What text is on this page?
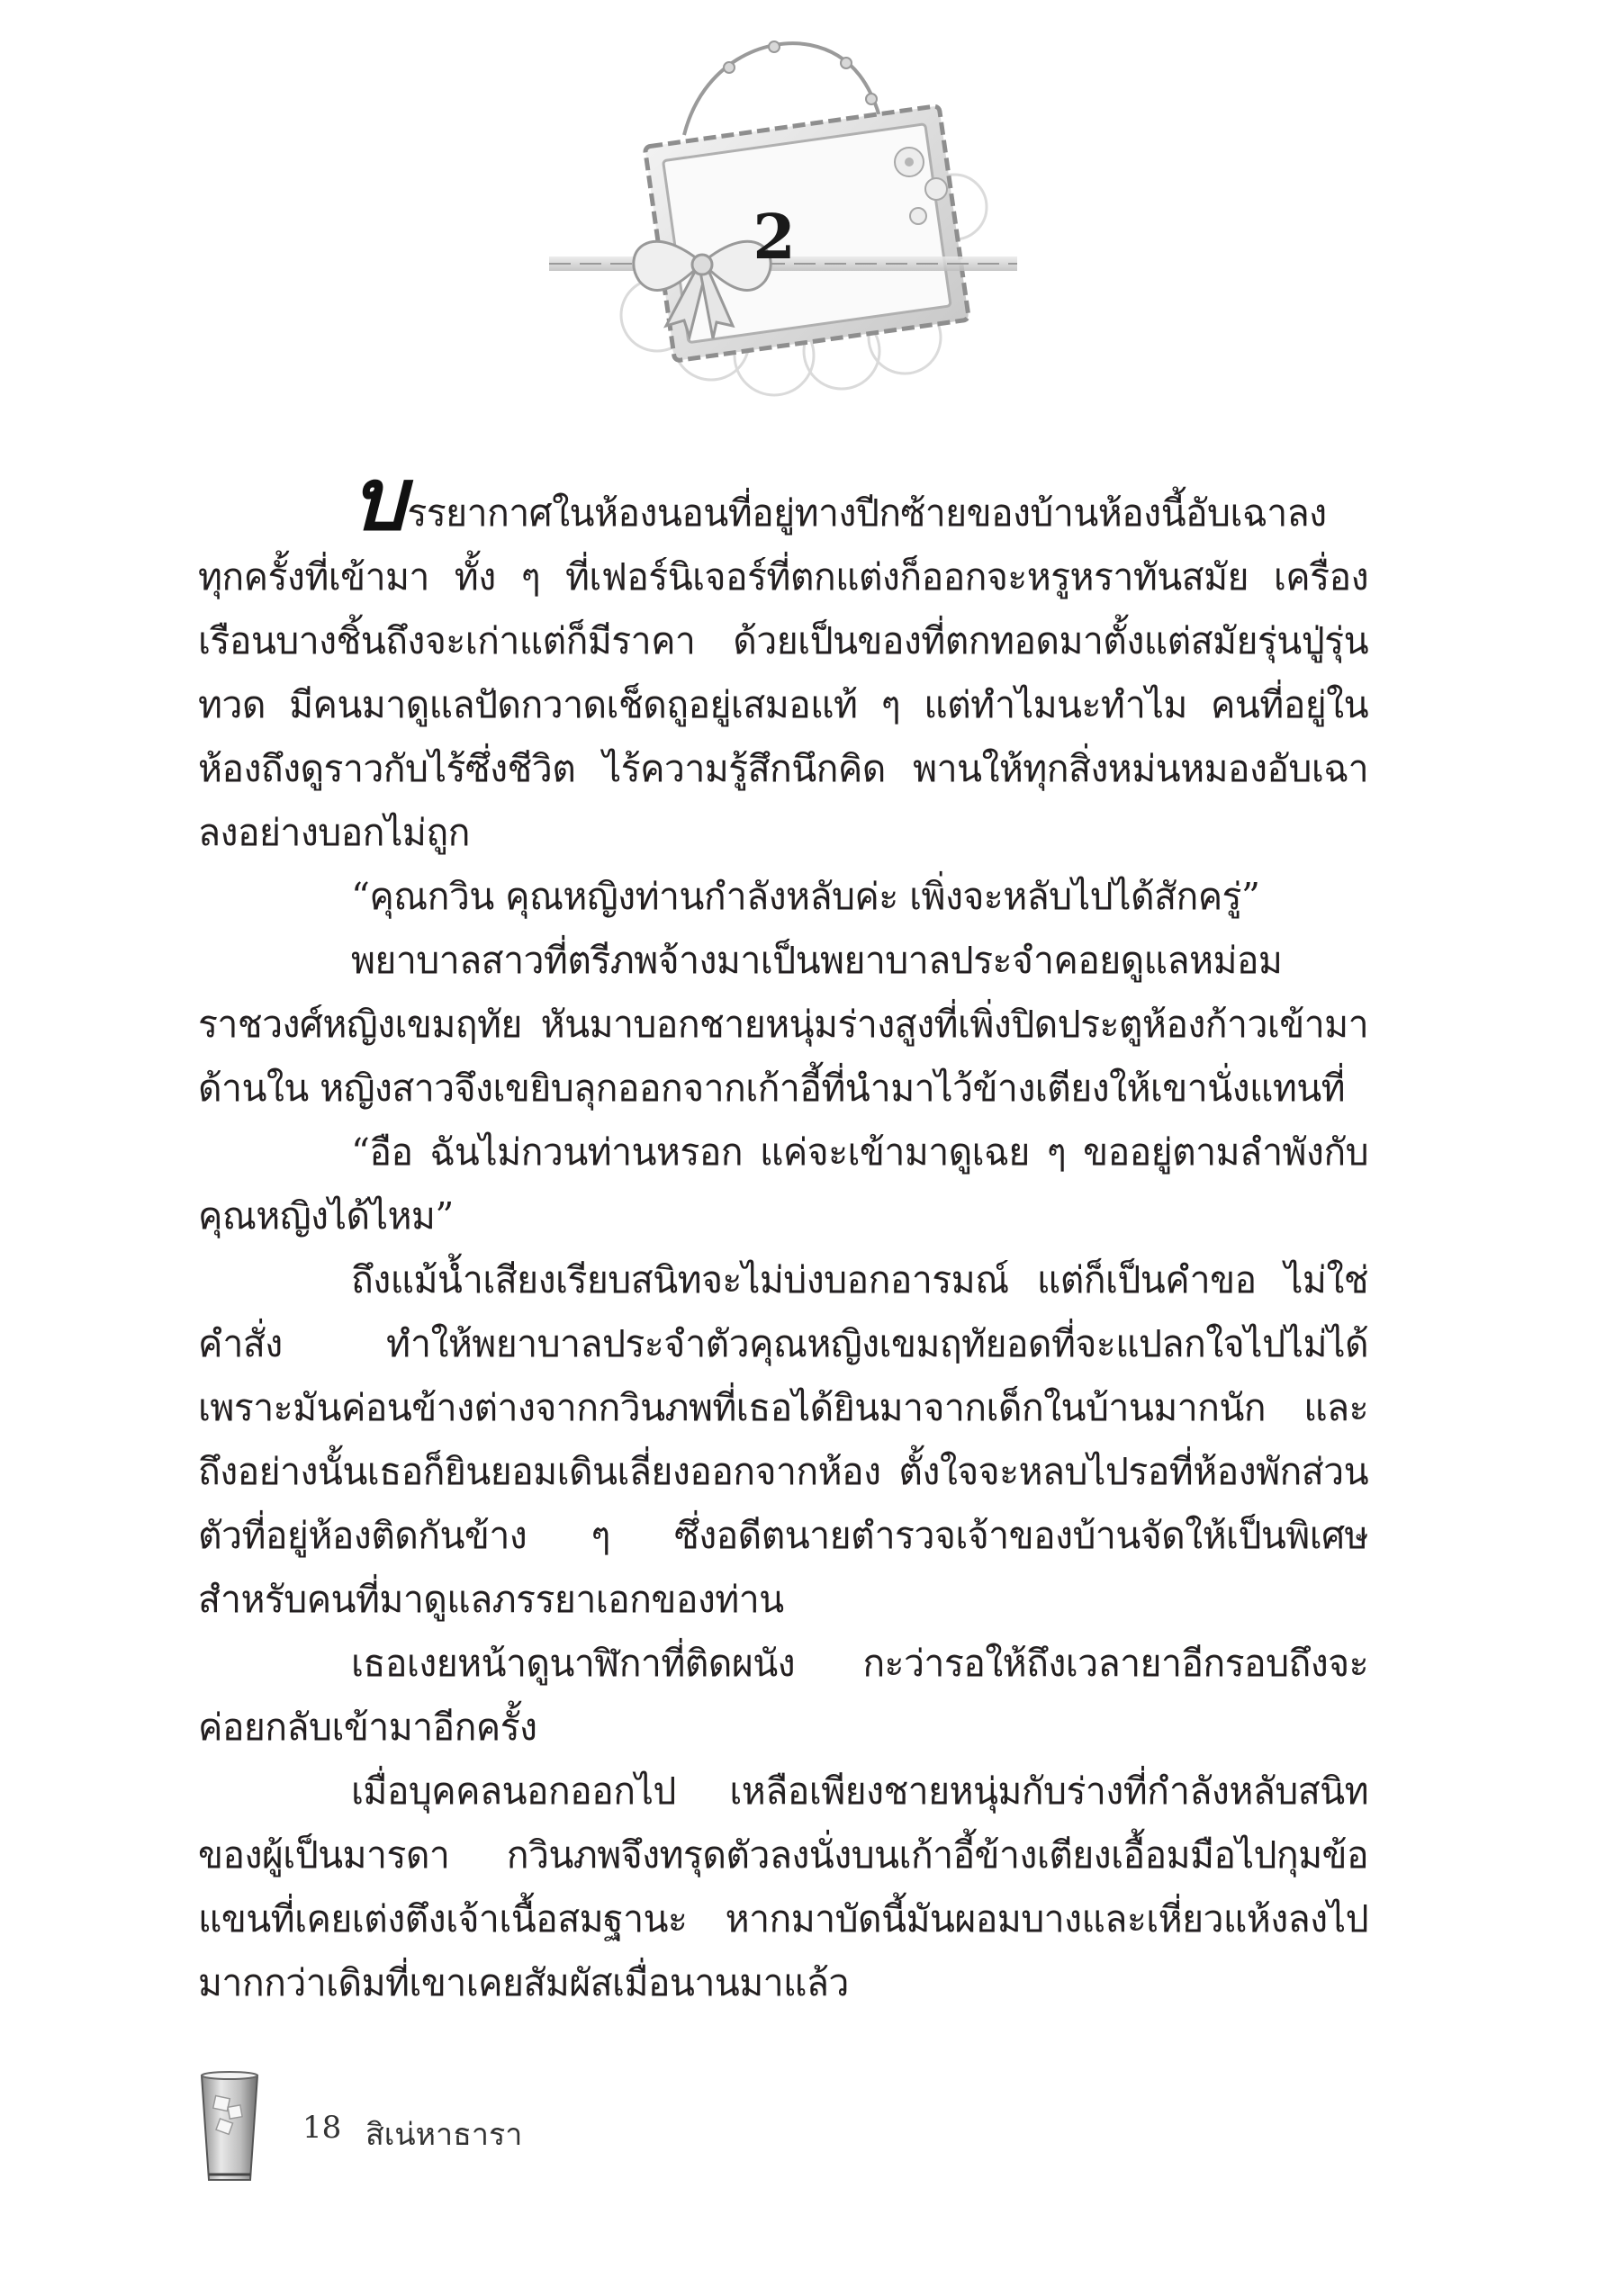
2

บรรยากาศในห้องนอนที่อยู่ทางปีกซ้ายของบ้านห้องนี้อับเฉาลงทุกครั้งที่เข้ามา ทั้ง ๆ ที่เฟอร์นิเจอร์ที่ตกแต่งก็ออกจะหรูหราทันสมัย เครื่องเรือนบางชิ้นถึงจะเก่าแต่ก็มีราคา ด้วยเป็นของที่ตกทอดมาตั้งแต่สมัยรุ่นปู่รุ่นทวด มีคนมาดูแลปัดกวาดเช็ดถูอยู่เสมอแท้ ๆ แต่ทำไมนะทำไม คนที่อยู่ในห้องถึงดูราวกับไร้ซึ่งชีวิต ไร้ความรู้สึกนึกคิด พานให้ทุกสิ่งหม่นหมองอับเฉาลงอย่างบอกไม่ถูก

“คุณกวิน คุณหญิงท่านกำลังหลับค่ะ เพิ่งจะหลับไปได้สักครู่”

พยาบาลสาวที่ตรีภพจ้างมาเป็นพยาบาลประจำคอยดูแลหม่อมราชวงศ์หญิงเขมฤทัย หันมาบอกชายหนุ่มร่างสูงที่เพิ่งปิดประตูห้องก้าวเข้ามาด้านใน หญิงสาวจึงเขยิบลุกออกจากเก้าอี้ที่นำมาไว้ข้างเตียงให้เขานั่งแทนที่

“อือ ฉันไม่กวนท่านหรอก แค่จะเข้ามาดูเฉย ๆ ขออยู่ตามลำพังกับคุณหญิงได้ไหม”

ถึงแม้น้ำเสียงเรียบสนิทจะไม่บ่งบอกอารมณ์ แต่ก็เป็นคำขอ ไม่ใช่คำสั่ง ทำให้พยาบาลประจำตัวคุณหญิงเขมฤทัยอดที่จะแปลกใจไปไม่ได้ เพราะมันค่อนข้างต่างจากกวินภพที่เธอได้ยินมาจากเด็กในบ้านมากนัก และถึงอย่างนั้นเธอก็ยินยอมเดินเลี่ยงออกจากห้อง ตั้งใจจะหลบไปรอที่ห้องพักส่วนตัวที่อยู่ห้องติดกันข้าง ๆ ซึ่งอดีตนายตำรวจเจ้าของบ้านจัดให้เป็นพิเศษสำหรับคนที่มาดูแลภรรยาเอกของท่าน

เธอเงยหน้าดูนาฬิกาที่ติดผนัง กะว่ารอให้ถึงเวลายาอีกรอบถึงจะค่อยกลับเข้ามาอีกครั้ง

เมื่อบุคคลนอกออกไป เหลือเพียงชายหนุ่มกับร่างที่กำลังหลับสนิทของผู้เป็นมารดา กวินภพจึงทรุดตัวลงนั่งบนเก้าอี้ข้างเตียงเอื้อมมือไปกุมข้อแขนที่เคยเต่งตึงเจ้าเนื้อสมฐานะ หากมาบัดนี้มันผอมบางและเหี่ยวแห้งลงไปมากกว่าเดิมที่เขาเคยสัมผัสเมื่อนานมาแล้ว

18 สิเน่หาธารา
